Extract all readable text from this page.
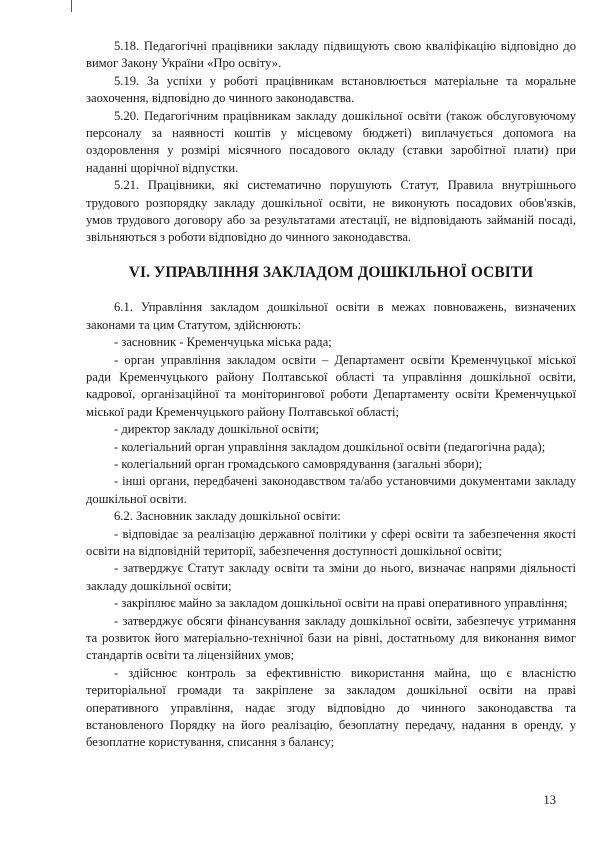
5.18. Педагогічні працівники закладу підвищують свою кваліфікацію відповідно до вимог Закону України «Про освіту».

5.19. За успіхи у роботі працівникам встановлюється матеріальне та моральне заохочення, відповідно до чинного законодавства.

5.20. Педагогічним працівникам закладу дошкільної освіти (також обслуговуючому персоналу за наявності коштів у місцевому бюджеті) виплачується допомога на оздоровлення у розмірі місячного посадового окладу (ставки заробітної плати) при наданні щорічної відпустки.

5.21. Працівники, які систематично порушують Статут, Правила внутрішнього трудового розпорядку закладу дошкільної освіти, не виконують посадових обов'язків, умов трудового договору або за результатами атестації, не відповідають займаній посаді, звільняються з роботи відповідно до чинного законодавства.

VI. УПРАВЛІННЯ ЗАКЛАДОМ ДОШКІЛЬНОЇ ОСВІТИ

6.1. Управління закладом дошкільної освіти в межах повноважень, визначених законами та цим Статутом, здійснюють:

- засновник - Кременчуцька міська рада;

- орган управління закладом освіти – Департамент освіти Кременчуцької міської ради Кременчуцького району Полтавської області та управління дошкільної освіти, кадрової, організаційної та моніторингової роботи Департаменту освіти Кременчуцької міської ради Кременчуцького району Полтавської області;

- директор закладу дошкільної освіти;

- колегіальний орган управління закладом дошкільної освіти (педагогічна рада);

- колегіальний орган громадського самоврядування (загальні збори);

- інші органи, передбачені законодавством та/або установчими документами закладу дошкільної освіти.

6.2. Засновник закладу дошкільної освіти:

- відповідає за реалізацію державної політики у сфері освіти та забезпечення якості освіти на відповідній території, забезпечення доступності дошкільної освіти;

- затверджує Статут закладу освіти та зміни до нього, визначає напрями діяльності закладу дошкільної освіти;

- закріплює майно за закладом дошкільної освіти на праві оперативного управління;

- затверджує обсяги фінансування закладу дошкільної освіти, забезпечує утримання та розвиток його матеріально-технічної бази на рівні, достатньому для виконання вимог стандартів освіти та ліцензійних умов;

- здійснює контроль за ефективністю використання майна, що є власністю територіальної громади та закріплене за закладом дошкільної освіти на праві оперативного управління, надає згоду відповідно до чинного законодавства та встановленого Порядку на його реалізацію, безоплатну передачу, надання в оренду, у безоплатне користування, списання з балансу;

13
